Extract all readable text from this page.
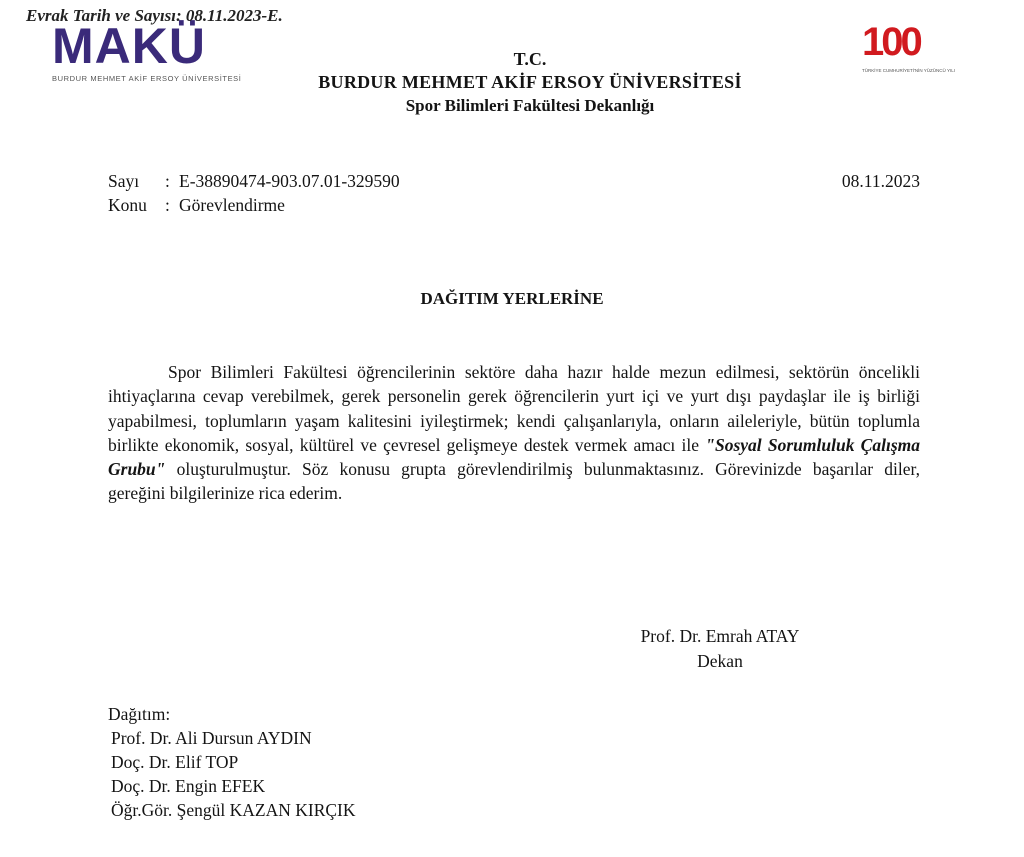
Evrak Tarih ve Sayısı: 08.11.2023-E.
MAKÜ
BURDUR MEHMET AKİF ERSOY ÜNİVERSİTESİ
100
TÜRKİYE CUMHURİYETİ'NİN YÜZÜNCÜ YILI
T.C.
BURDUR MEHMET AKİF ERSOY ÜNİVERSİTESİ
Spor Bilimleri Fakültesi Dekanlığı
Sayı	: E-38890474-903.07.01-329590	08.11.2023
Konu	: Görevlendirme
DAĞITIM YERLERİNE
Spor Bilimleri Fakültesi öğrencilerinin sektöre daha hazır halde mezun edilmesi, sektörün öncelikli ihtiyaçlarına cevap verebilmek, gerek personelin gerek öğrencilerin yurt içi ve yurt dışı paydaşlar ile iş birliği yapabilmesi, toplumların yaşam kalitesini iyileştirmek; kendi çalışanlarıyla, onların aileleriyle, bütün toplumla birlikte ekonomik, sosyal, kültürel ve çevresel gelişmeye destek vermek amacı ile "Sosyal Sorumluluk Çalışma Grubu" oluşturulmuştur. Söz konusu grupta görevlendirilmiş bulunmaktasınız. Görevinizde başarılar diler, gereğini bilgilerinize rica ederim.
Prof. Dr. Emrah ATAY
Dekan
Dağıtım:
Prof. Dr. Ali Dursun AYDIN
Doç. Dr. Elif TOP
Doç. Dr. Engin EFEK
Öğr.Gör. Şengül KAZAN KIRÇIK
